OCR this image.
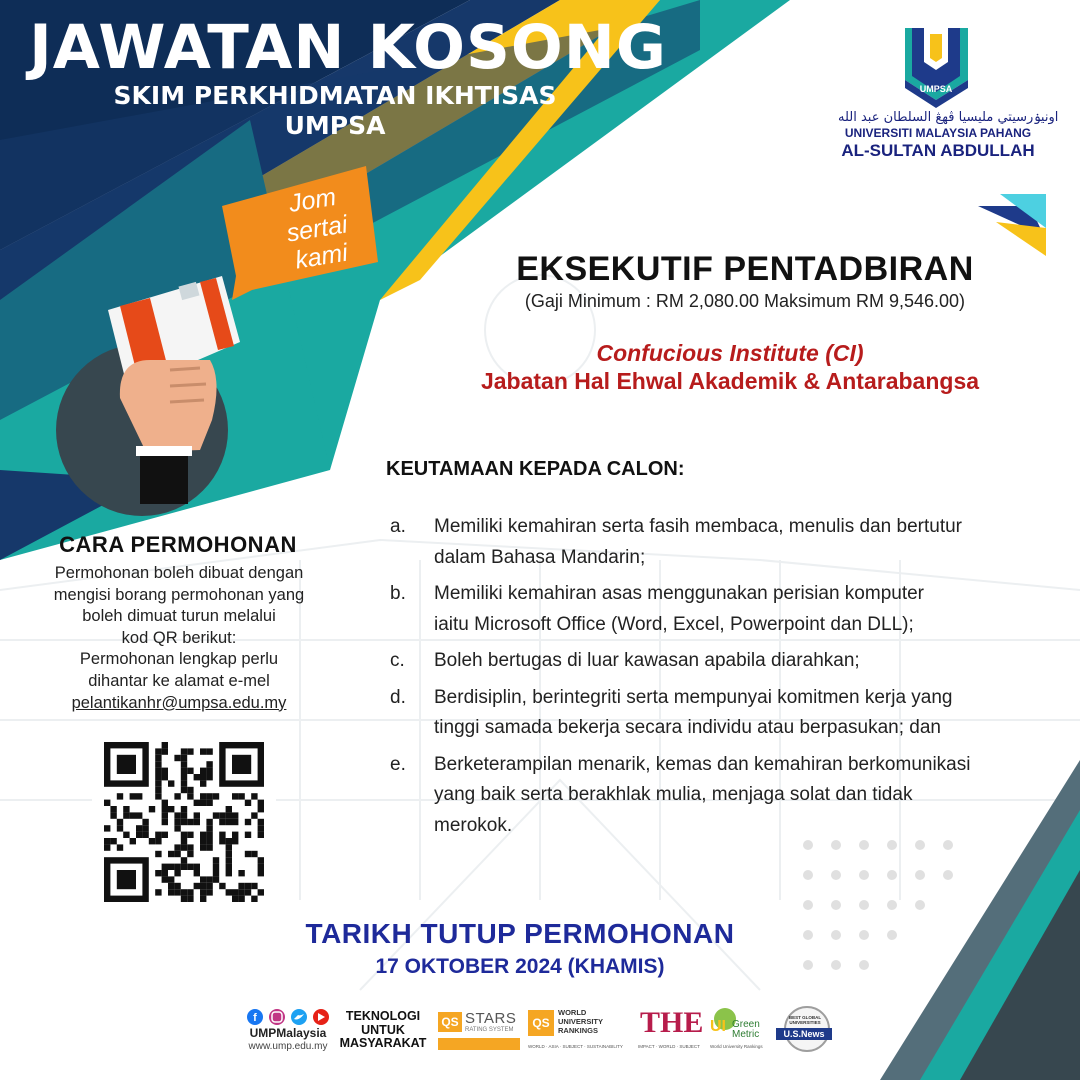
JAWATAN KOSONG
SKIM PERKHIDMATAN IKHTISAS
UMPSA
Jom
sertai
kami
UMPSA
اونيۏرسيتي مليسيا ڤهڠ السلطان عبد الله
UNIVERSITI MALAYSIA PAHANG
AL-SULTAN ABDULLAH
EKSEKUTIF PENTADBIRAN
(Gaji Minimum : RM 2,080.00 Maksimum RM 9,546.00)
Confucious Institute (CI)
Jabatan Hal Ehwal Akademik & Antarabangsa
KEUTAMAAN KEPADA CALON:
a. Memiliki kemahiran serta fasih membaca, menulis dan bertutur
dalam Bahasa Mandarin;
b. Memiliki kemahiran asas menggunakan perisian komputer
iaitu Microsoft Office (Word, Excel, Powerpoint dan DLL);
c. Boleh bertugas di luar kawasan apabila diarahkan;
d. Berdisiplin, berintegriti serta mempunyai komitmen kerja yang
tinggi samada bekerja secara individu atau berpasukan; dan
e. Berketerampilan menarik, kemas dan kemahiran berkomunikasi
yang baik serta berakhlak mulia, menjaga solat dan tidak
merokok.
CARA PERMOHONAN
Permohonan boleh dibuat dengan
mengisi borang permohonan yang
boleh dimuat turun melalui
kod QR berikut:
Permohonan lengkap perlu
dihantar ke alamat e-mel
pelantikanhr@umpsa.edu.my
TARIKH TUTUP PERMOHONAN
17 OKTOBER 2024 (KHAMIS)
f
UMPMalaysia
www.ump.edu.my
TEKNOLOGI
UNTUK
MASYARAKAT
QS STARS
RATING SYSTEM	QS
WORLD
UNIVERSITY
RANKINGS
WORLD · ASIA · SUBJECT · SUSTAINABILITY
THE
IMPACT · WORLD · SUBJECT
UI Green
Metric
World University Rankings
BEST GLOBAL UNIVERSITIES
U.S.News
